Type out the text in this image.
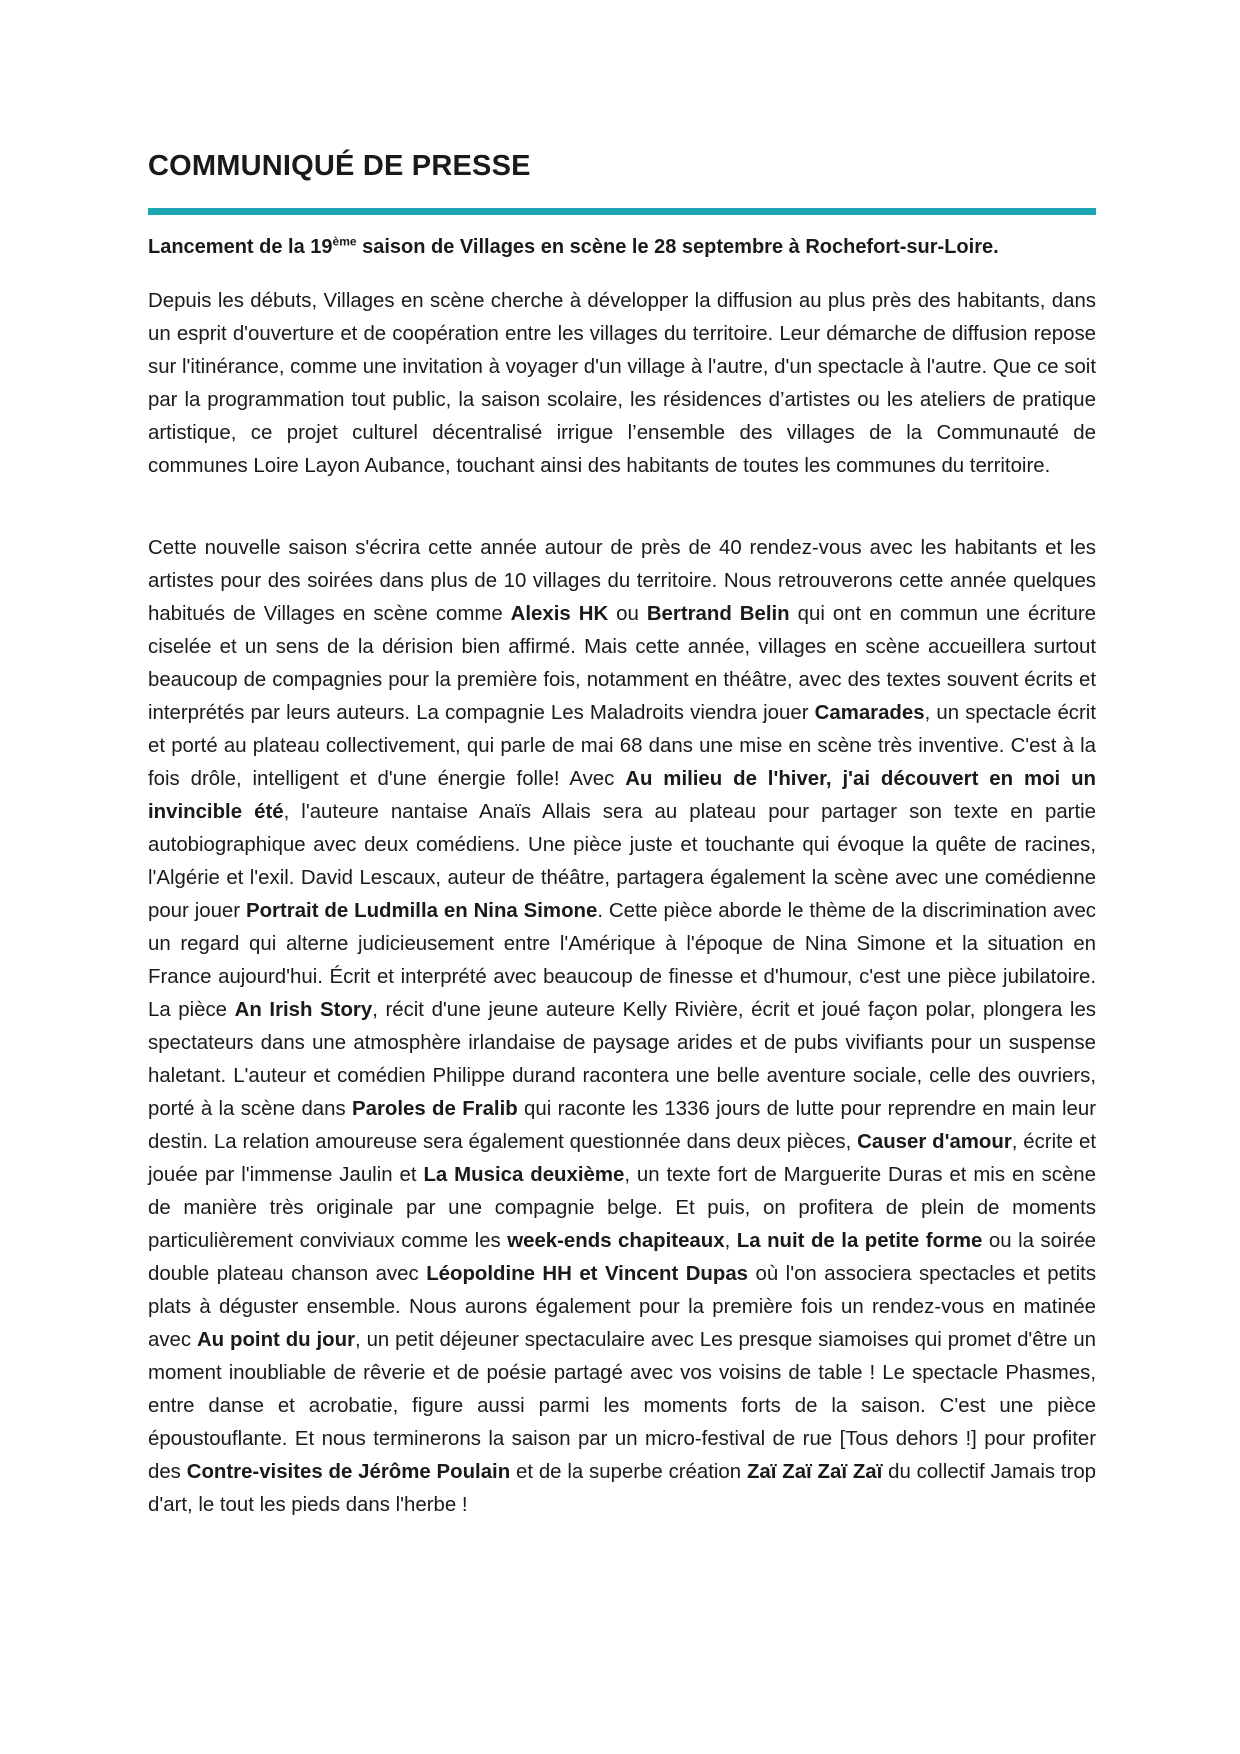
COMMUNIQUÉ DE PRESSE

Lancement de la 19ème saison de Villages en scène le 28 septembre à Rochefort-sur-Loire.

Depuis les débuts, Villages en scène cherche à développer la diffusion au plus près des habitants, dans un esprit d'ouverture et de coopération entre les villages du territoire. Leur démarche de diffusion repose sur l'itinérance, comme une invitation à voyager d'un village à l'autre, d'un spectacle à l'autre. Que ce soit par la programmation tout public, la saison scolaire, les résidences d’artistes ou les ateliers de pratique artistique, ce projet culturel décentralisé irrigue l’ensemble des villages de la Communauté de communes Loire Layon Aubance, touchant ainsi des habitants de toutes les communes du territoire.

Cette nouvelle saison s'écrira cette année autour de près de 40 rendez-vous avec les habitants et les artistes pour des soirées dans plus de 10 villages du territoire. Nous retrouverons cette année quelques habitués de Villages en scène comme Alexis HK ou Bertrand Belin qui ont en commun une écriture ciselée et un sens de la dérision bien affirmé. Mais cette année, villages en scène accueillera surtout beaucoup de compagnies pour la première fois, notamment en théâtre, avec des textes souvent écrits et interprétés par leurs auteurs. La compagnie Les Maladroits viendra jouer Camarades, un spectacle écrit et porté au plateau collectivement, qui parle de mai 68 dans une mise en scène très inventive. C'est à la fois drôle, intelligent et d'une énergie folle! Avec Au milieu de l'hiver, j'ai découvert en moi un invincible été, l'auteure nantaise Anaïs Allais sera au plateau pour partager son texte en partie autobiographique avec deux comédiens. Une pièce juste et touchante qui évoque la quête de racines, l'Algérie et l'exil. David Lescaux, auteur de théâtre, partagera également la scène avec une comédienne pour jouer Portrait de Ludmilla en Nina Simone. Cette pièce aborde le thème de la discrimination avec un regard qui alterne judicieusement entre l'Amérique à l'époque de Nina Simone et la situation en France aujourd'hui. Écrit et interprété avec beaucoup de finesse et d'humour, c'est une pièce jubilatoire. La pièce An Irish Story, récit d'une jeune auteure Kelly Rivière, écrit et joué façon polar, plongera les spectateurs dans une atmosphère irlandaise de paysage arides et de pubs vivifiants pour un suspense haletant. L'auteur et comédien Philippe durand racontera une belle aventure sociale, celle des ouvriers, porté à la scène dans Paroles de Fralib qui raconte les 1336 jours de lutte pour reprendre en main leur destin. La relation amoureuse sera également questionnée dans deux pièces, Causer d'amour, écrite et jouée par l'immense Jaulin et La Musica deuxième, un texte fort de Marguerite Duras et mis en scène de manière très originale par une compagnie belge. Et puis, on profitera de plein de moments particulièrement conviviaux comme les week-ends chapiteaux, La nuit de la petite forme ou la soirée double plateau chanson avec Léopoldine HH et Vincent Dupas où l'on associera spectacles et petits plats à déguster ensemble. Nous aurons également pour la première fois un rendez-vous en matinée avec Au point du jour, un petit déjeuner spectaculaire avec Les presque siamoises qui promet d'être un moment inoubliable de rêverie et de poésie partagé avec vos voisins de table ! Le spectacle Phasmes, entre danse et acrobatie, figure aussi parmi les moments forts de la saison. C'est une pièce époustouflante. Et nous terminerons la saison par un micro-festival de rue [Tous dehors !] pour profiter des Contre-visites de Jérôme Poulain et de la superbe création Zaï Zaï Zaï Zaï du collectif Jamais trop d'art, le tout les pieds dans l'herbe !
